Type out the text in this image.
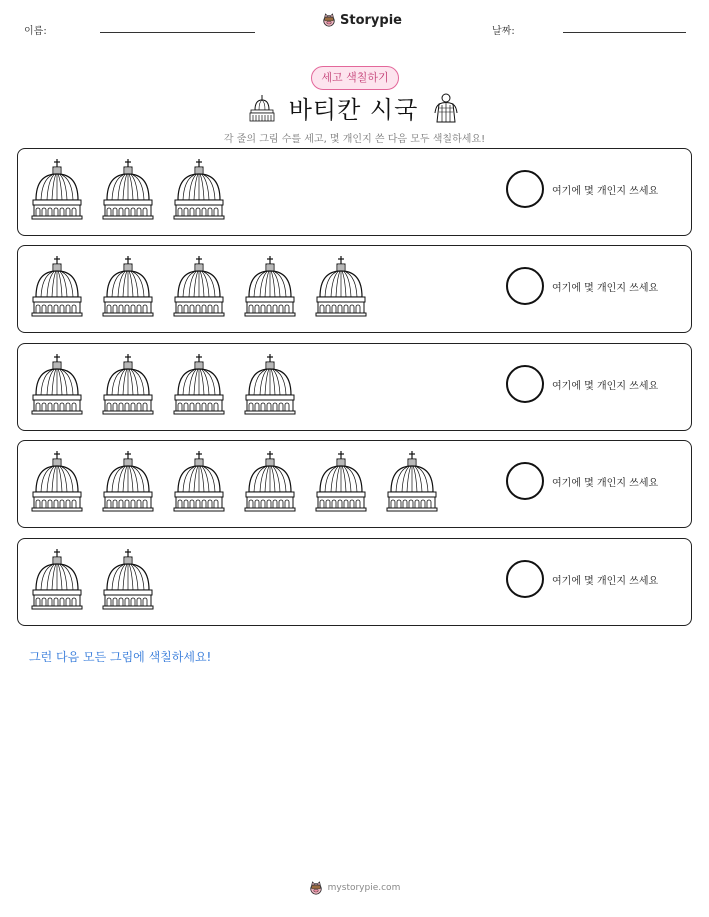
이름:
Storypie
날짜:
세고 색칠하기
바티칸 시국
각 줄의 그림 수를 세고, 몇 개인지 쓴 다음 모두 색칠하세요!
여기에 몇 개인지 쓰세요
여기에 몇 개인지 쓰세요
여기에 몇 개인지 쓰세요
여기에 몇 개인지 쓰세요
여기에 몇 개인지 쓰세요
그런 다음 모든 그림에 색칠하세요!
mystorypie.com
